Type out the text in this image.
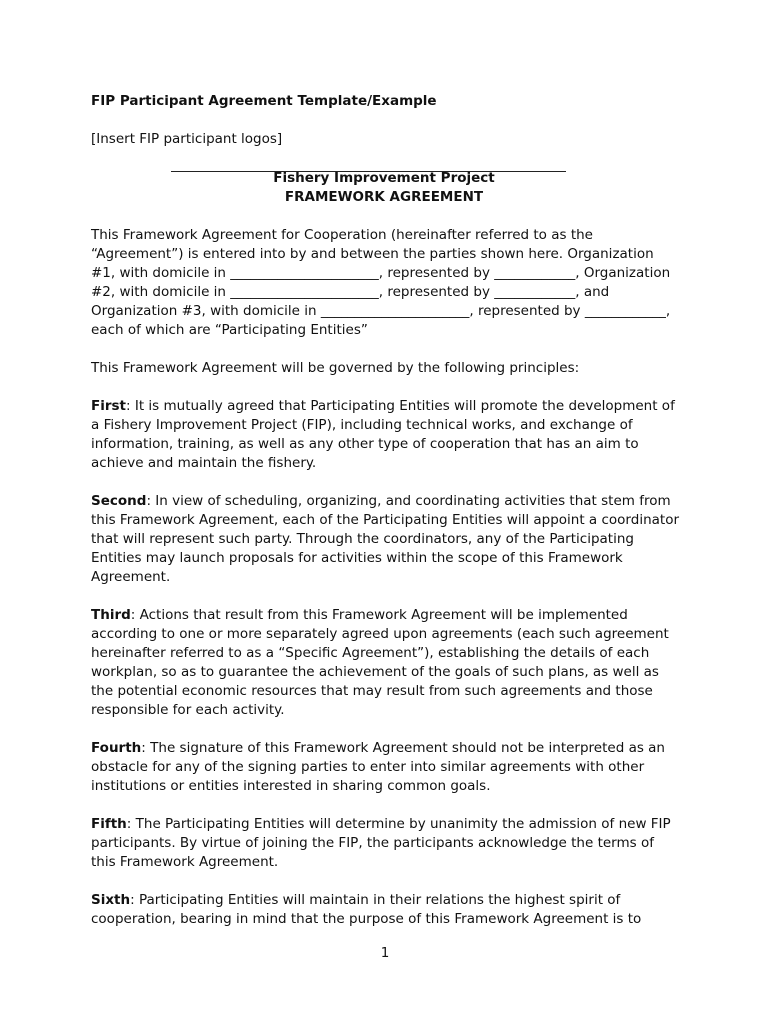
FIP Participant Agreement Template/Example
[Insert FIP participant logos]
Fishery Improvement Project
FRAMEWORK AGREEMENT

This Framework Agreement for Cooperation (hereinafter referred to as the “Agreement”) is entered into by and between the parties shown here. Organization #1, with domicile in ______________________, represented by ____________, Organization #2, with domicile in ______________________, represented by ____________, and Organization #3, with domicile in ______________________, represented by ____________, each of which are “Participating Entities”

This Framework Agreement will be governed by the following principles:

First: It is mutually agreed that Participating Entities will promote the development of a Fishery Improvement Project (FIP), including technical works, and exchange of information, training, as well as any other type of cooperation that has an aim to achieve and maintain the fishery.

Second: In view of scheduling, organizing, and coordinating activities that stem from this Framework Agreement, each of the Participating Entities will appoint a coordinator that will represent such party. Through the coordinators, any of the Participating Entities may launch proposals for activities within the scope of this Framework Agreement.

Third: Actions that result from this Framework Agreement will be implemented according to one or more separately agreed upon agreements (each such agreement hereinafter referred to as a “Specific Agreement”), establishing the details of each workplan, so as to guarantee the achievement of the goals of such plans, as well as the potential economic resources that may result from such agreements and those responsible for each activity.

Fourth: The signature of this Framework Agreement should not be interpreted as an obstacle for any of the signing parties to enter into similar agreements with other institutions or entities interested in sharing common goals.

Fifth: The Participating Entities will determine by unanimity the admission of new FIP participants. By virtue of joining the FIP, the participants acknowledge the terms of this Framework Agreement.

Sixth: Participating Entities will maintain in their relations the highest spirit of cooperation, bearing in mind that the purpose of this Framework Agreement is to

1
